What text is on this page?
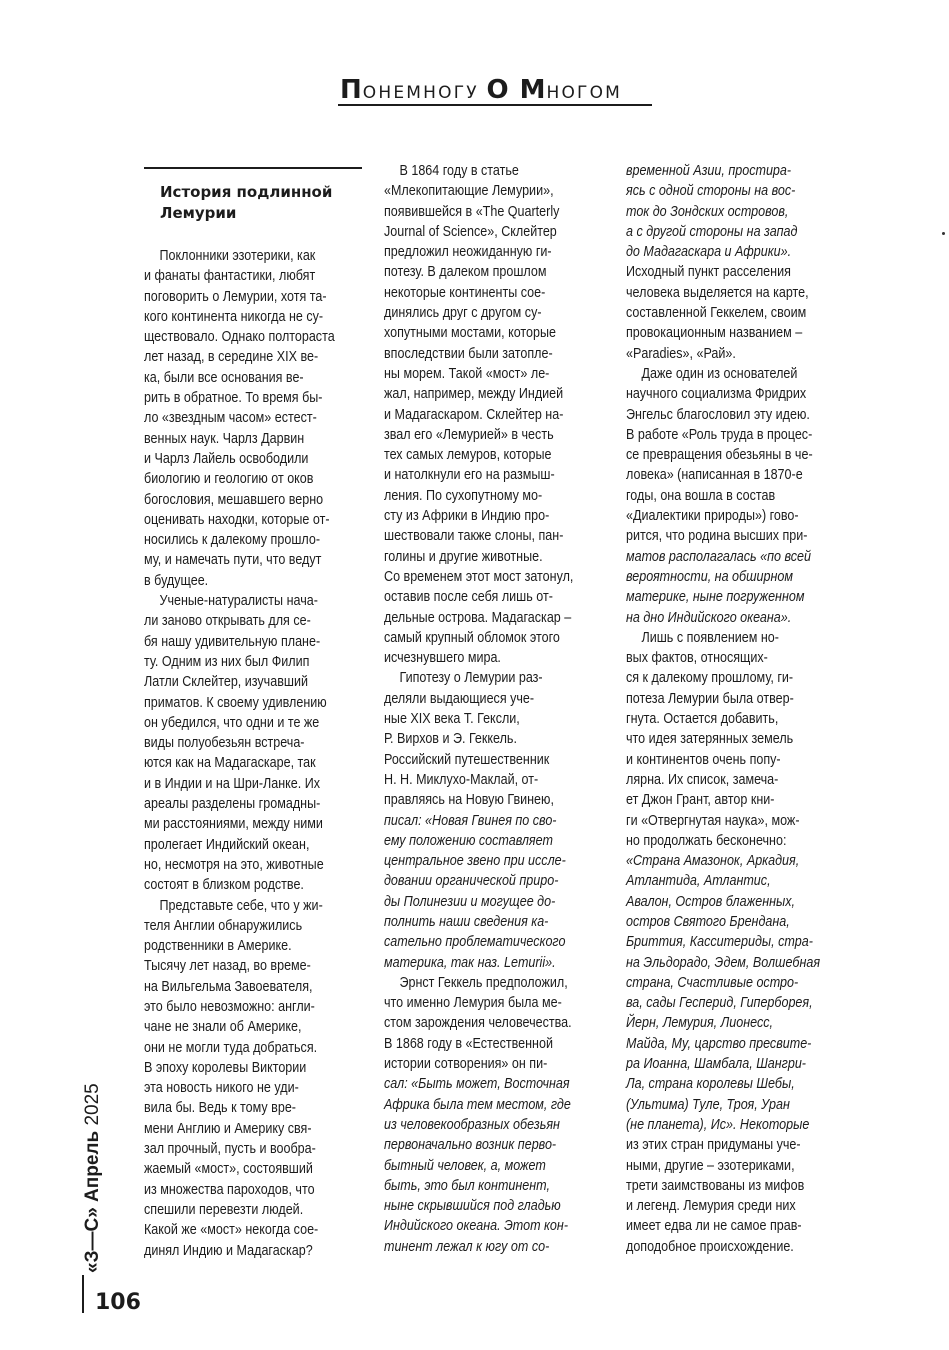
ПОНЕМНОГУ О МНОГОМ
История подлинной Лемурии

Поклонники эзотерики, как
и фанаты фантастики, любят
поговорить о Лемурии, хотя та-
кого континента никогда не су-
ществовало. Однако полтораста
лет назад, в середине XIX ве-
ка, были все основания ве-
рить в обратное. То время бы-
ло «звездным часом» естест-
венных наук. Чарлз Дарвин
и Чарлз Лайель освободили
биологию и геологию от оков
богословия, мешавшего верно
оценивать находки, которые от-
носились к далекому прошло-
му, и намечать пути, что ведут
в будущее.

Ученые-натуралисты нача-
ли заново открывать для се-
бя нашу удивительную плане-
ту. Одним из них был Филип
Латли Склейтер, изучавший
приматов. К своему удивлению
он убедился, что одни и те же
виды полуобезьян встреча-
ются как на Мадагаскаре, так
и в Индии и на Шри-Ланке. Их
ареалы разделены громадны-
ми расстояниями, между ними
пролегает Индийский океан,
но, несмотря на это, животные
состоят в близком родстве.

Представьте себе, что у жи-
теля Англии обнаружились
родственники в Америке.
Тысячу лет назад, во време-
на Вильгельма Завоевателя,
это было невозможно: англи-
чане не знали об Америке,
они не могли туда добраться.
В эпоху королевы Виктории
эта новость никого не уди-
вила бы. Ведь к тому вре-
мени Англию и Америку свя-
зал прочный, пусть и вообра-
жаемый «мост», состоявший
из множества пароходов, что
спешили перевезти людей.
Какой же «мост» некогда сое-
динял Индию и Мадагаскар?

В 1864 году в статье
«Млекопитающие Лемурии»,
появившейся в «The Quarterly
Journal of Science», Склейтер
предложил неожиданную ги-
потезу. В далеком прошлом
некоторые континенты сое-
динялись друг с другом су-
хопутными мостами, которые
впоследствии были затопле-
ны морем. Такой «мост» ле-
жал, например, между Индией
и Мадагаскаром. Склейтер на-
звал его «Лемурией» в честь
тех самых лемуров, которые
и натолкнули его на размыш-
ления. По сухопутному мо-
сту из Африки в Индию про-
шествовали также слоны, пан-
голины и другие животные.
Со временем этот мост затонул,
оставив после себя лишь от-
дельные острова. Мадагаскар –
самый крупный обломок этого
исчезнувшего мира.

Гипотезу о Лемурии раз-
деляли выдающиеся уче-
ные XIX века Т. Гексли,
Р. Вирхов и Э. Геккель.
Российский путешественник
Н. Н. Миклухо-Маклай, от-
правляясь на Новую Гвинею,
писал: «Новая Гвинея по сво-
ему положению составляет
центральное звено при иссле-
довании органической приро-
ды Полинезии и могущее до-
полнить наши сведения ка-
сательно проблематического
материка, так наз. Lemurii».

Эрнст Геккель предположил,
что именно Лемурия была ме-
стом зарождения человечества.
В 1868 году в «Естественной
истории сотворения» он пи-
сал: «Быть может, Восточная
Африка была тем местом, где
из человекообразных обезьян
первоначально возник перво-
бытный человек, а, может
быть, это был континент,
ныне скрывшийся под гладью
Индийского океана. Этот кон-
тинент лежал к югу от со-

временной Азии, простира-
ясь с одной стороны на вос-
ток до Зондских островов,
а с другой стороны на запад
до Мадагаскара и Африки».
Исходный пункт расселения
человека выделяется на карте,
составленной Геккелем, своим
провокационным названием –
«Paradies», «Рай».

Даже один из основателей
научного социализма Фридрих
Энгельс благословил эту идею.
В работе «Роль труда в процес-
се превращения обезьяны в че-
ловека» (написанная в 1870-е
годы, она вошла в состав
«Диалектики природы») гово-
рится, что родина высших при-
матов располагалась «по всей
вероятности, на обширном
материке, ныне погруженном
на дно Индийского океана».

Лишь с появлением но-
вых фактов, относящих-
ся к далекому прошлому, ги-
потеза Лемурии была отвер-
гнута. Остается добавить,
что идея затерянных земель
и континентов очень попу-
лярна. Их список, замеча-
ет Джон Грант, автор кни-
ги «Отвергнутая наука», мож-
но продолжать бесконечно:
«Страна Амазонок, Аркадия,
Атлантида, Атлантис,
Авалон, Остров блаженных,
остров Святого Брендана,
Бриттия, Касситериды, стра-
на Эльдорадо, Эдем, Волшебная
страна, Счастливые остро-
ва, сады Гесперид, Гиперборея,
Йерн, Лемурия, Лионесс,
Майда, Му, царство пресвите-
ра Иоанна, Шамбала, Шангри-
Ла, страна королевы Шебы,
(Ультима) Туле, Троя, Уран
(не планета), Ис». Некоторые
из этих стран придуманы уче-
ными, другие – эзотериками,
трети заимствованы из мифов
и легенд. Лемурия среди них
имеет едва ли не самое прав-
доподобное происхождение.

«З—С» Апрель 2025
106
